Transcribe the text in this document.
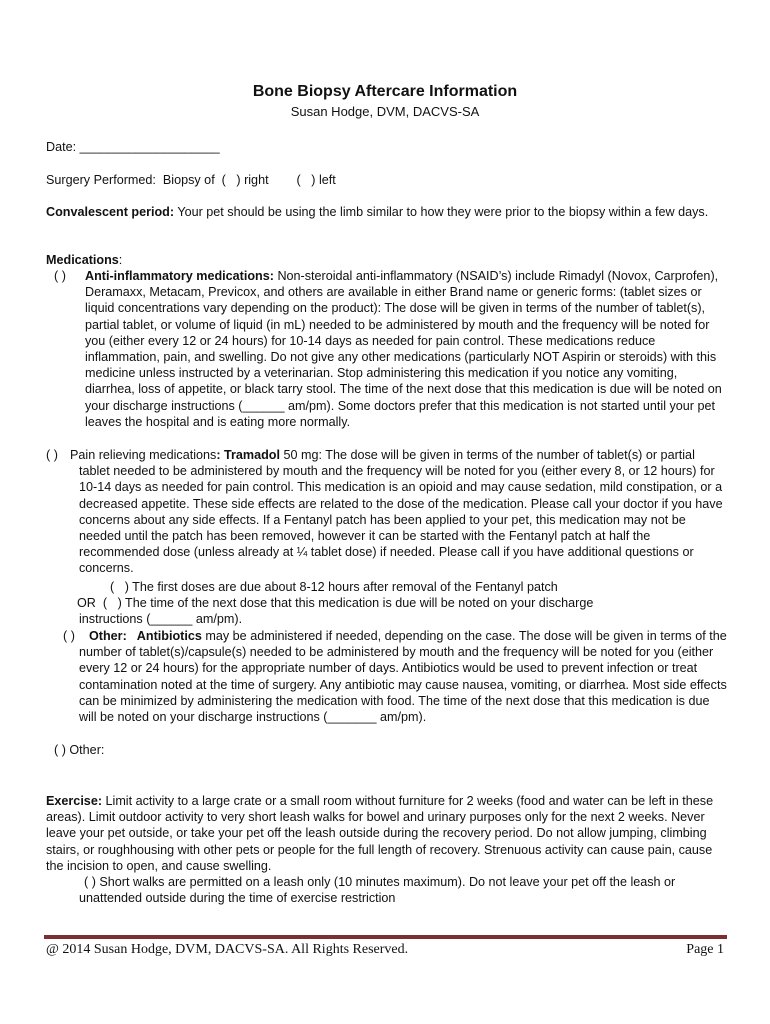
Bone Biopsy Aftercare Information
Susan Hodge, DVM, DACVS-SA
Date: ____________________
Surgery Performed:  Biopsy of  (   ) right        (   ) left
Convalescent period: Your pet should be using the limb similar to how they were prior to the biopsy within a few days.
Medications:
( ) Anti-inflammatory medications: Non-steroidal anti-inflammatory (NSAID’s) include Rimadyl (Novox, Carprofen), Deramaxx, Metacam, Previcox, and others are available in either Brand name or generic forms: (tablet sizes or liquid concentrations vary depending on the product): The dose will be given in terms of the number of tablet(s), partial tablet, or volume of liquid (in mL) needed to be administered by mouth and the frequency will be noted for you (either every 12 or 24 hours) for 10-14 days as needed for pain control. These medications reduce inflammation, pain, and swelling. Do not give any other medications (particularly NOT Aspirin or steroids) with this medicine unless instructed by a veterinarian. Stop administering this medication if you notice any vomiting, diarrhea, loss of appetite, or black tarry stool. The time of the next dose that this medication is due will be noted on your discharge instructions (______ am/pm). Some doctors prefer that this medication is not started until your pet leaves the hospital and is eating more normally.
( ) Pain relieving medications: Tramadol 50 mg: The dose will be given in terms of the number of tablet(s) or partial tablet needed to be administered by mouth and the frequency will be noted for you (either every 8, or 12 hours) for 10-14 days as needed for pain control. This medication is an opioid and may cause sedation, mild constipation, or a decreased appetite. These side effects are related to the dose of the medication. Please call your doctor if you have concerns about any side effects. If a Fentanyl patch has been applied to your pet, this medication may not be needed until the patch has been removed, however it can be started with the Fentanyl patch at half the recommended dose (unless already at ¼ tablet dose) if needed. Please call if you have additional questions or concerns.
(   ) The first doses are due about 8-12 hours after removal of the Fentanyl patch
OR  (   ) The time of the next dose that this medication is due will be noted on your discharge
instructions (______ am/pm).
( )	Other:   Antibiotics may be administered if needed, depending on the case. The dose will be given in terms of the number of tablet(s)/capsule(s) needed to be administered by mouth and the frequency will be noted for you (either every 12 or 24 hours) for the appropriate number of days. Antibiotics would be used to prevent infection or treat contamination noted at the time of surgery. Any antibiotic may cause nausea, vomiting, or diarrhea. Most side effects can be minimized by administering the medication with food. The time of the next dose that this medication is due will be noted on your discharge instructions (_______ am/pm).
( ) Other:
Exercise: Limit activity to a large crate or a small room without furniture for 2 weeks (food and water can be left in these areas). Limit outdoor activity to very short leash walks for bowel and urinary purposes only for the next 2 weeks. Never leave your pet outside, or take your pet off the leash outside during the recovery period. Do not allow jumping, climbing stairs, or roughhousing with other pets or people for the full length of recovery. Strenuous activity can cause pain, cause the incision to open, and cause swelling.
( ) Short walks are permitted on a leash only (10 minutes maximum). Do not leave your pet off the leash or unattended outside during the time of exercise restriction
@ 2014 Susan Hodge, DVM, DACVS-SA. All Rights Reserved.	Page 1
